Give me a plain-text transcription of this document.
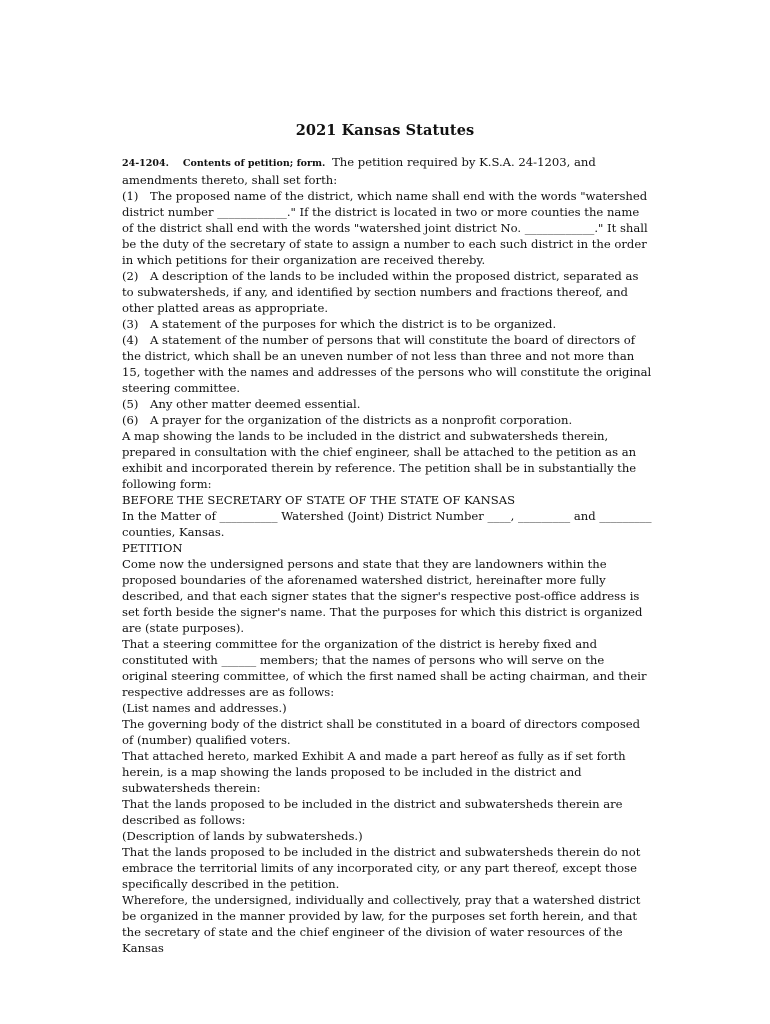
2021 Kansas Statutes

24-1204. Contents of petition; form. The petition required by K.S.A. 24-1203, and amendments thereto, shall set forth:

(1) The proposed name of the district, which name shall end with the words "watershed district number ____________." If the district is located in two or more counties the name of the district shall end with the words "watershed joint district No. ____________." It shall be the duty of the secretary of state to assign a number to each such district in the order in which petitions for their organization are received thereby.

(2) A description of the lands to be included within the proposed district, separated as to subwatersheds, if any, and identified by section numbers and fractions thereof, and other platted areas as appropriate.

(3) A statement of the purposes for which the district is to be organized.

(4) A statement of the number of persons that will constitute the board of directors of the district, which shall be an uneven number of not less than three and not more than 15, together with the names and addresses of the persons who will constitute the original steering committee.

(5) Any other matter deemed essential.

(6) A prayer for the organization of the districts as a nonprofit corporation.

A map showing the lands to be included in the district and subwatersheds therein, prepared in consultation with the chief engineer, shall be attached to the petition as an exhibit and incorporated therein by reference. The petition shall be in substantially the following form:

BEFORE THE SECRETARY OF STATE OF THE STATE OF KANSAS

In the Matter of __________ Watershed (Joint) District Number ____, _________ and _________ counties, Kansas.

PETITION

Come now the undersigned persons and state that they are landowners within the proposed boundaries of the aforenamed watershed district, hereinafter more fully described, and that each signer states that the signer's respective post-office address is set forth beside the signer's name. That the purposes for which this district is organized are (state purposes).

That a steering committee for the organization of the district is hereby fixed and constituted with ______ members; that the names of persons who will serve on the original steering committee, of which the first named shall be acting chairman, and their respective addresses are as follows:

(List names and addresses.)

The governing body of the district shall be constituted in a board of directors composed of (number) qualified voters.

That attached hereto, marked Exhibit A and made a part hereof as fully as if set forth herein, is a map showing the lands proposed to be included in the district and subwatersheds therein:

That the lands proposed to be included in the district and subwatersheds therein are described as follows:

(Description of lands by subwatersheds.)

That the lands proposed to be included in the district and subwatersheds therein do not embrace the territorial limits of any incorporated city, or any part thereof, except those specifically described in the petition.

Wherefore, the undersigned, individually and collectively, pray that a watershed district be organized in the manner provided by law, for the purposes set forth herein, and that the secretary of state and the chief engineer of the division of water resources of the Kansas
